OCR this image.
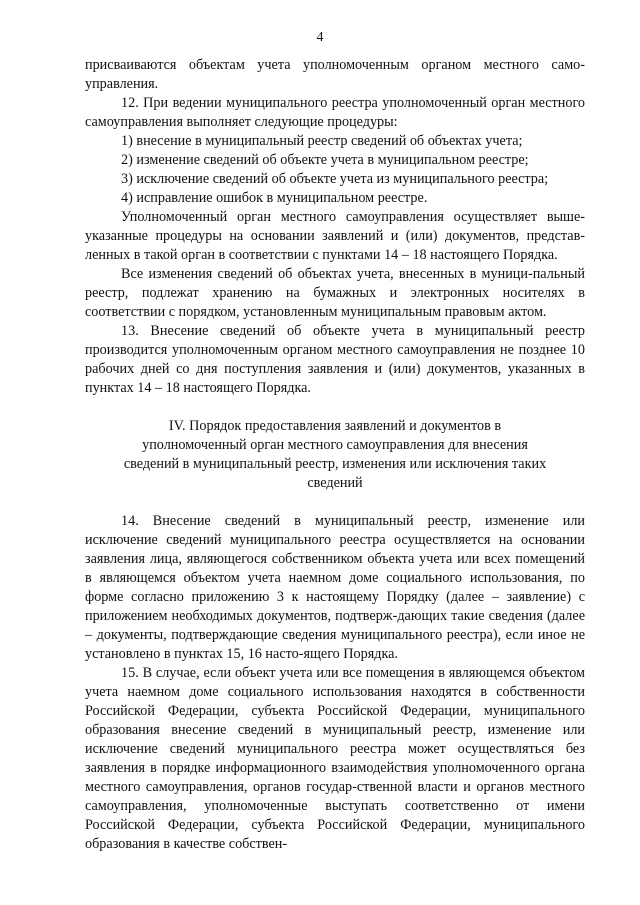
4

присваиваются объектам учета уполномоченным органом местного само-управления.

12. При ведении муниципального реестра уполномоченный орган местного самоуправления выполняет следующие процедуры:

1) внесение в муниципальный реестр сведений об объектах учета;

2) изменение сведений об объекте учета в муниципальном реестре;

3) исключение сведений об объекте учета из муниципального реестра;

4) исправление ошибок в муниципальном реестре.

Уполномоченный орган местного самоуправления осуществляет выше-указанные процедуры на основании заявлений и (или) документов, представ-ленных в такой орган в соответствии с пунктами 14 – 18 настоящего Порядка.

Все изменения сведений об объектах учета, внесенных в муници-пальный реестр, подлежат хранению на бумажных и электронных носителях в соответствии с порядком, установленным муниципальным правовым актом.

13. Внесение сведений об объекте учета в муниципальный реестр производится уполномоченным органом местного самоуправления не позднее 10 рабочих дней со дня поступления заявления и (или) документов, указанных в пунктах 14 – 18 настоящего Порядка.

IV. Порядок предоставления заявлений и документов в
уполномоченный орган местного самоуправления для внесения
сведений в муниципальный реестр, изменения или исключения таких
сведений

14. Внесение сведений в муниципальный реестр, изменение или исключение сведений муниципального реестра осуществляется на основании заявления лица, являющегося собственником объекта учета или всех помещений в являющемся объектом учета наемном доме социального использования, по форме согласно приложению 3 к настоящему Порядку (далее – заявление) с приложением необходимых документов, подтверж-дающих такие сведения (далее – документы, подтверждающие сведения муниципального реестра), если иное не установлено в пунктах 15, 16 насто-ящего Порядка.

15. В случае, если объект учета или все помещения в являющемся объектом учета наемном доме социального использования находятся в собственности Российской Федерации, субъекта Российской Федерации, муниципального образования внесение сведений в муниципальный реестр, изменение или исключение сведений муниципального реестра может осуществляться без заявления в порядке информационного взаимодействия уполномоченного органа местного самоуправления, органов государ-ственной власти и органов местного самоуправления, уполномоченные выступать соответственно от имени Российской Федерации, субъекта Российской Федерации, муниципального образования в качестве собствен-
